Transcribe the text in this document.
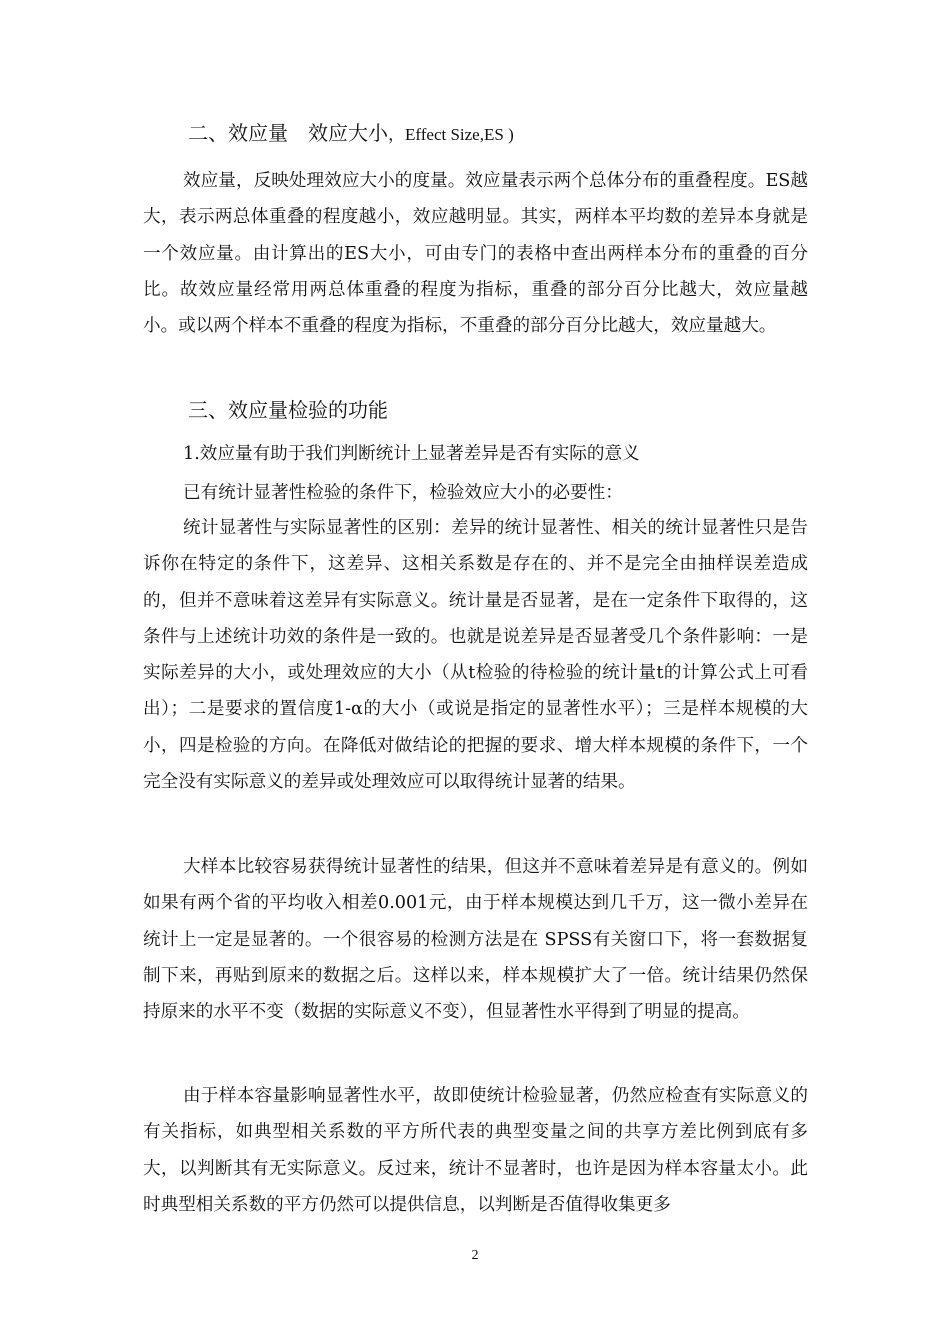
二、效应量　效应大小，Effect Size,ES )

效应量，反映处理效应大小的度量。效应量表示两个总体分布的重叠程度。ES越大，表示两总体重叠的程度越小，效应越明显。其实，两样本平均数的差异本身就是一个效应量。由计算出的ES大小，可由专门的表格中查出两样本分布的重叠的百分比。故效应量经常用两总体重叠的程度为指标，重叠的部分百分比越大，效应量越小。或以两个样本不重叠的程度为指标，不重叠的部分百分比越大，效应量越大。

三、效应量检验的功能
1.效应量有助于我们判断统计上显著差异是否有实际的意义
已有统计显著性检验的条件下，检验效应大小的必要性：

统计显著性与实际显著性的区别：差异的统计显著性、相关的统计显著性只是告诉你在特定的条件下，这差异、这相关系数是存在的、并不是完全由抽样误差造成的，但并不意味着这差异有实际意义。统计量是否显著，是在一定条件下取得的，这条件与上述统计功效的条件是一致的。也就是说差异是否显著受几个条件影响：一是实际差异的大小，或处理效应的大小（从t检验的待检验的统计量t的计算公式上可看出）；二是要求的置信度1-α的大小（或说是指定的显著性水平）；三是样本规模的大小，四是检验的方向。在降低对做结论的把握的要求、增大样本规模的条件下，一个完全没有实际意义的差异或处理效应可以取得统计显著的结果。

大样本比较容易获得统计显著性的结果，但这并不意味着差异是有意义的。例如如果有两个省的平均收入相差0.001元，由于样本规模达到几千万，这一微小差异在统计上一定是显著的。一个很容易的检测方法是在 SPSS有关窗口下，将一套数据复制下来，再贴到原来的数据之后。这样以来，样本规模扩大了一倍。统计结果仍然保持原来的水平不变（数据的实际意义不变），但显著性水平得到了明显的提高。

由于样本容量影响显著性水平，故即使统计检验显著，仍然应检查有实际意义的有关指标，如典型相关系数的平方所代表的典型变量之间的共享方差比例到底有多大，以判断其有无实际意义。反过来，统计不显著时，也许是因为样本容量太小。此时典型相关系数的平方仍然可以提供信息，以判断是否值得收集更多

2
